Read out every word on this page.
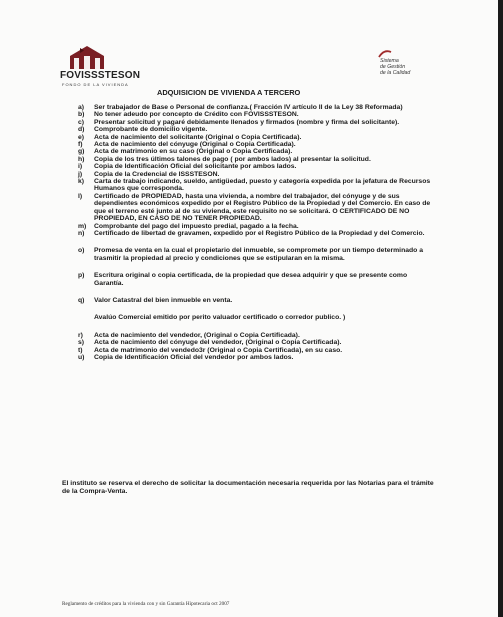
FOVISSSTESON
FONDO DE LA VIVIENDA
Sistema
de Gestión
de la Calidad
ADQUISICION DE VIVIENDA A TERCERO
a)	Ser trabajador de Base o Personal de confianza.( Fracción IV artículo II de la Ley 38 Reformada)
b)	No tener adeudo por concepto de Crédito con FOVISSSTESON.
c)	Presentar solicitud y pagaré debidamente llenados y firmados (nombre y firma del solicitante).
d)	Comprobante de domicilio vigente.
e)	Acta de nacimiento del solicitante (Original o Copia Certificada).
f)	Acta de nacimiento del cónyuge (Original o Copia Certificada).
g)	Acta de matrimonio en su caso (Original o Copia Certificada).
h)	Copia de los tres últimos talones de pago ( por ambos lados) al presentar la solicitud.
i)	Copia de Identificación Oficial del solicitante por ambos lados.
j)	Copia de la Credencial de ISSSTESON.
k)	Carta de trabajo indicando, sueldo, antigüedad, puesto y categoría expedida por la jefatura de Recursos Humanos que corresponda.
l)	Certificado de PROPIEDAD, hasta una vivienda, a nombre del trabajador, del cónyuge y de sus dependientes económicos expedido por el Registro Público de la Propiedad y del Comercio. En caso de que el terreno esté junto al de su vivienda, este requisito no se solicitará. O CERTIFICADO DE NO PROPIEDAD, EN CASO DE NO TENER PROPIEDAD.
m)	Comprobante del pago del impuesto predial, pagado a la fecha.
n)	Certificado de libertad de gravamen, expedido por el Registro Público de la Propiedad y del Comercio.
o)	Promesa de venta en la cual el propietario del inmueble, se compromete por un tiempo determinado a trasmitir la propiedad al precio y condiciones que se estipularan en la misma.
p)	Escritura original o copia certificada, de la propiedad que desea adquirir y que se presente como Garantía.
q)	Valor Catastral del bien inmueble en venta.
Avalúo Comercial emitido por perito valuador certificado o corredor publico. )
r)	Acta de nacimiento del vendedor, (Original o Copia Certificada).
s)	Acta de nacimiento del cónyuge del vendedor, (Original o Copia Certificada).
t)	Acta de matrimonio del vendedo3r (Original o Copia Certificada), en su caso.
u)	Copia de Identificación Oficial del vendedor por ambos lados.
El instituto se reserva el derecho de solicitar la documentación necesaria requerida por las Notarias para el trámite de la Compra-Venta.
Reglamento de créditos para la vivienda con y sin Garantía Hipotecaria oct 2007
